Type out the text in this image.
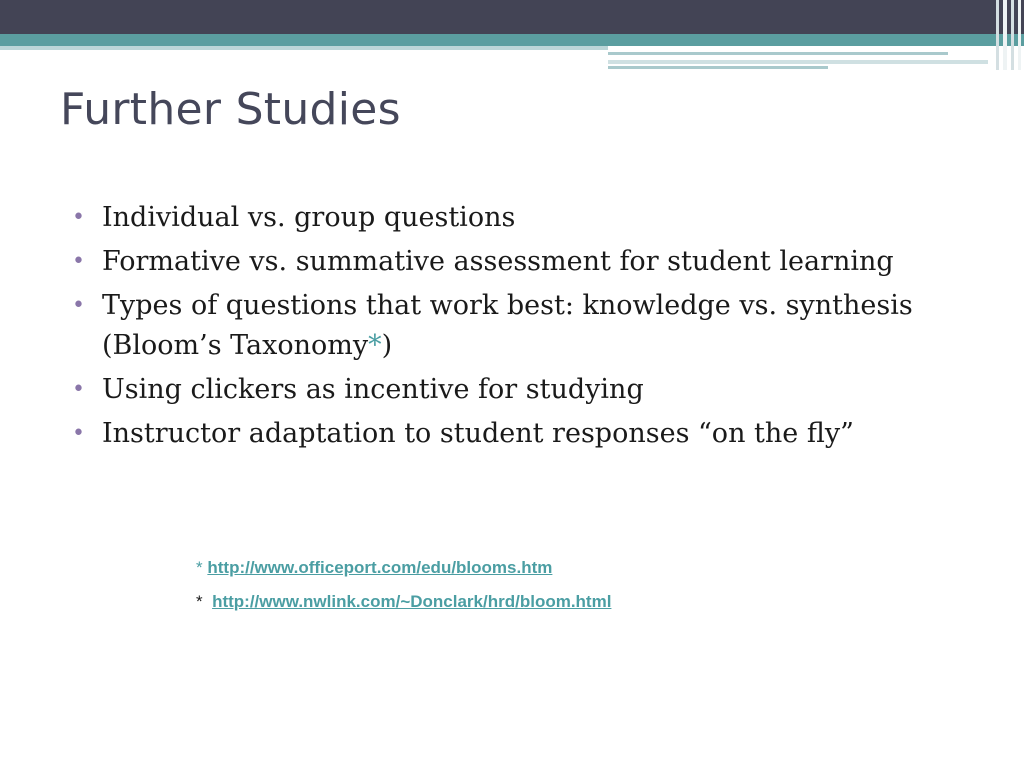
Further Studies
• Individual vs. group questions
• Formative vs. summative assessment for student learning
• Types of questions that work best: knowledge vs. synthesis (Bloom’s Taxonomy*)
• Using clickers as incentive for studying
• Instructor adaptation to student responses “on the fly”
* http://www.officeport.com/edu/blooms.htm
* http://www.nwlink.com/~Donclark/hrd/bloom.html
